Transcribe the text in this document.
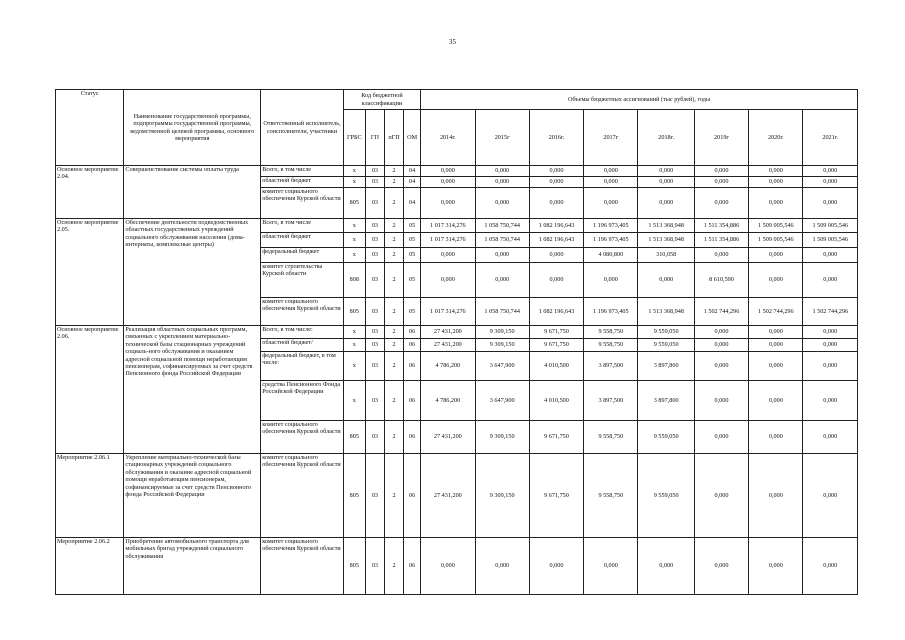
35
Статус	Наименование государственной программы, подпрограммы государственной программы, ведомственной целевой программы, основного мероприятия	Ответственный исполнитель, соисполнители, участники	Код бюджетной классификации				Объемы бюджетных ассигнований (тыс рублей), годы							
			ГРБС	ГП	пГП	ОМ	2014г.	2015г	2016г.	2017г	2018г.	2019г	2020г.	2021г.
Основное мероприятие 2.04.	Совершенствование системы оплаты труда	Всего, в том числе	х	03	2	04	0,000	0,000	0,000	0,000	0,000	0,000	0,000	0,000
		областной бюджет	х	03	2	04	0,000	0,000	0,000	0,000	0,000	0,000	0,000	0,000
		комитет социального обеспечения Курской области	805	03	2	04	0,000	0,000	0,000	0,000	0,000	0,000	0,000	0,000
Основное мероприятие 2.05.	Обеспечение деятельности подведомственных областных государственных учреждений социального обслуживания населения (дома-интернаты, комплексные центры)	Всего, в том числе	х	03	2	05	1 017 314,276	1 058 750,744	1 082 196,643	1 196 973,405	1 513 368,948	1 511 354,886	1 509 005,546	1 509 005,546
		областной бюджет	х	03	2	05	1 017 314,276	1 058 750,744	1 082 196,643	1 196 973,405	1 513 368,948	1 511 354,886	1 509 005,546	1 509 005,546
		федеральный бюджет	х	03	2	05	0,000	0,000	0,000	4 080,800	310,058	0,000	0,000	0,000
		комитет строительства Курской области	808	03	2	05	0,000	0,000	0,000	0,000	0,000	8 610,590	0,000	0,000
		комитет социального обеспечения Курской области	805	03	2	05	1 017 314,276	1 058 750,744	1 082 196,643	1 196 973,405	1 513 368,948	1 502 744,296	1 502 744,296	1 502 744,296
Основное мероприятие 2.06.	Реализация областных социальных программ, связанных с укреплением материально-технической базы стационарных учреждений социаль-ного обслуживания и оказанием адресной социальной помощи неработающим пенсионерам, софинансируемых за счет средств Пенсионного фонда Российской Федерации	Всего, в том числе:	х	03	2	06	27 431,200	9 309,150	9 671,750	9 558,750	9 559,050	0,000	0,000	0,000
		областной бюджет/	х	03	2	06	27 431,200	9 309,150	9 671,750	9 558,750	9 559,050	0,000	0,000	0,000
		федеральный бюджет, в том числе:	х	03	2	06	4 786,200	3 647,900	4 010,500	3 897,500	3 897,800	0,000	0,000	0,000
		средства Пенсионного Фонда Российской Федерации	х	03	2	06	4 786,200	3 647,900	4 010,500	3 897,500	3 897,800	0,000	0,000	0,000
		комитет социального обеспечения Курской области	805	03	2	06	27 431,200	9 309,150	9 671,750	9 558,750	9 559,050	0,000	0,000	0,000
Мероприятие 2.06.1	Укрепление материально-технической базы стационарных учреждений социального обслуживания и оказание адресной социальной помощи неработающим пенсионерам, софинансируемые за счет средств Пенсионного фонда Российской Федерации	комитет социального обеспечения Курской области	805	03	2	06	27 431,200	9 309,150	9 671,750	9 558,750	9 559,050	0,000	0,000	0,000
Мероприятие 2.06.2	Приобретение автомобильного транспорта для мобильных бригад учреждений социального обслуживания	комитет социального обеспечения Курской области	805	03	2	06	0,000	0,000	0,000	0,000	0,000	0,000	0,000	0,000
